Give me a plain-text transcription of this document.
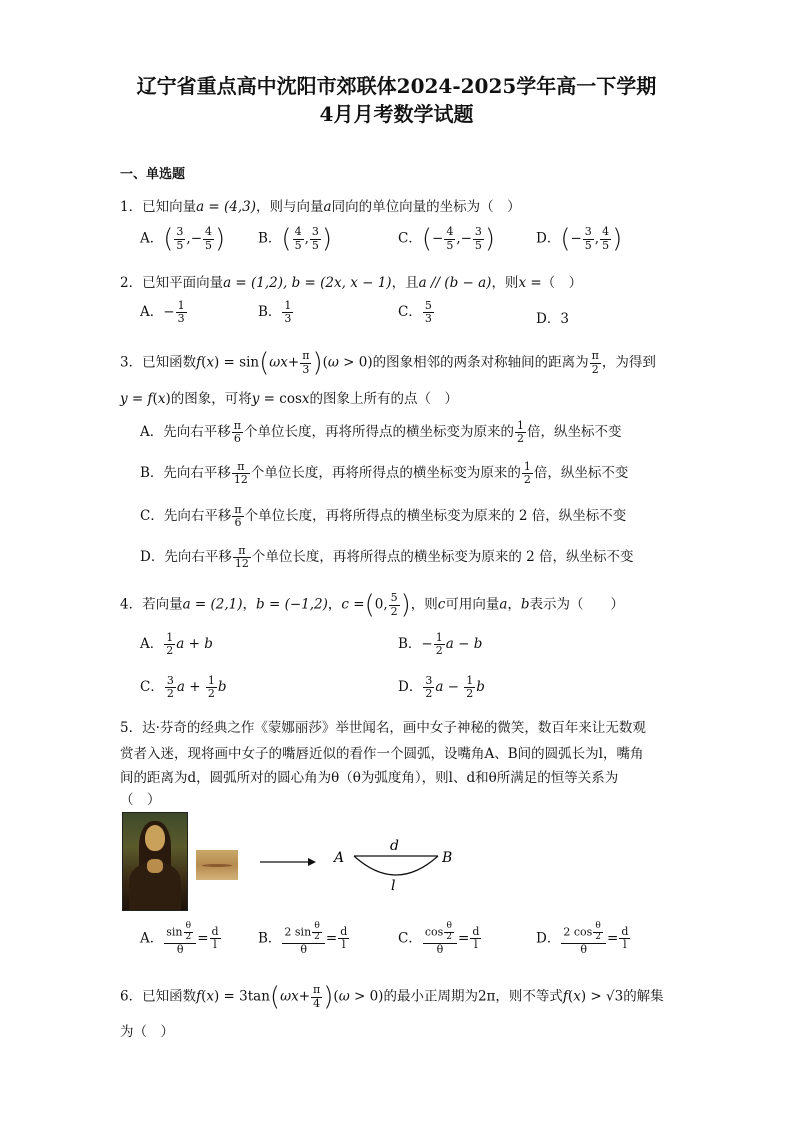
辽宁省重点高中沈阳市郊联体2024-2025学年高一下学期
4月月考数学试题
一、单选题
1．已知向量a = (4,3)，则与向量a同向的单位向量的坐标为（　）
A．( $\frac{3}{5}$ ,− $\frac{4}{5}$ ) B．( $\frac{4}{5}$ , $\frac{3}{5}$ )	C．(− $\frac{4}{5}$ ,− $\frac{3}{5}$ )	D．(− $\frac{3}{5}$ , $\frac{4}{5}$ )
2．已知平面向量a = (1,2), b = (2x, x − 1)，且a // (b − a)，则x =（　）
A．− $\frac{1}{3}$	B． $\frac{1}{3}$	C． $\frac{5}{3}$	D．3
3．已知函数$f(x) = \sin(\omega x+ \frac{\pi}{3} )(\omega > 0)$的图象相邻的两条对称轴间的距离为 $\frac{\pi}{2}$ ，为得到
y = f(x)的图象，可将y = cosx的图象上所有的点（　）
A．先向右平移 $\frac{\pi}{6}$ 个单位长度，再将所得点的横坐标变为原来的 $\frac{1}{2}$ 倍，纵坐标不变
B．先向右平移 $\frac{\pi}{12}$ 个单位长度，再将所得点的横坐标变为原来的 $\frac{1}{2}$ 倍，纵坐标不变
C．先向右平移 $\frac{\pi}{6}$ 个单位长度，再将所得点的横坐标变为原来的 2 倍，纵坐标不变
D．先向右平移 $\frac{\pi}{12}$ 个单位长度，再将所得点的横坐标变为原来的 2 倍，纵坐标不变
4．若向量a = (2,1)，b = (−1,2)，c =(0, $\frac{5}{2}$ )，则c可用向量a，b表示为（　　）
A． $\frac{1}{2}$ a + b	B．− $\frac{1}{2}$ a − b
C． $\frac{3}{2}$ $a + \frac{1}{2}$ b	D． $\frac{3}{2}$ $a - \frac{1}{2}$ b
5．达·芬奇的经典之作《蒙娜丽莎》举世闻名，画中女子神秘的微笑，数百年来让无数观
赏者入迷，现将画中女子的嘴唇近似的看作一个圆弧，设嘴角A、B间的圆弧长为l，嘴角
间的距离为d，圆弧所对的圆心角为θ（θ为弧度角），则l、d和θ所满足的恒等关系为
（　）
A	B
d
l
A． $\frac{\sin \frac{\theta}{2}}{\theta} = \frac{d}{l}$	B． $\frac{2 \sin \frac{\theta}{2}}{\theta} = \frac{d}{l}$	C． $\frac{\cos \frac{\theta}{2}}{\theta} = \frac{d}{l}$	D． $\frac{2 \cos \frac{\theta}{2}}{\theta} = \frac{d}{l}$
6．已知函数$f(x) = 3\tan(\omega x+ \frac{\pi}{4} )(\omega > 0)$的最小正周期为2π，则不等式f(x) > √3的解集
为（　）
